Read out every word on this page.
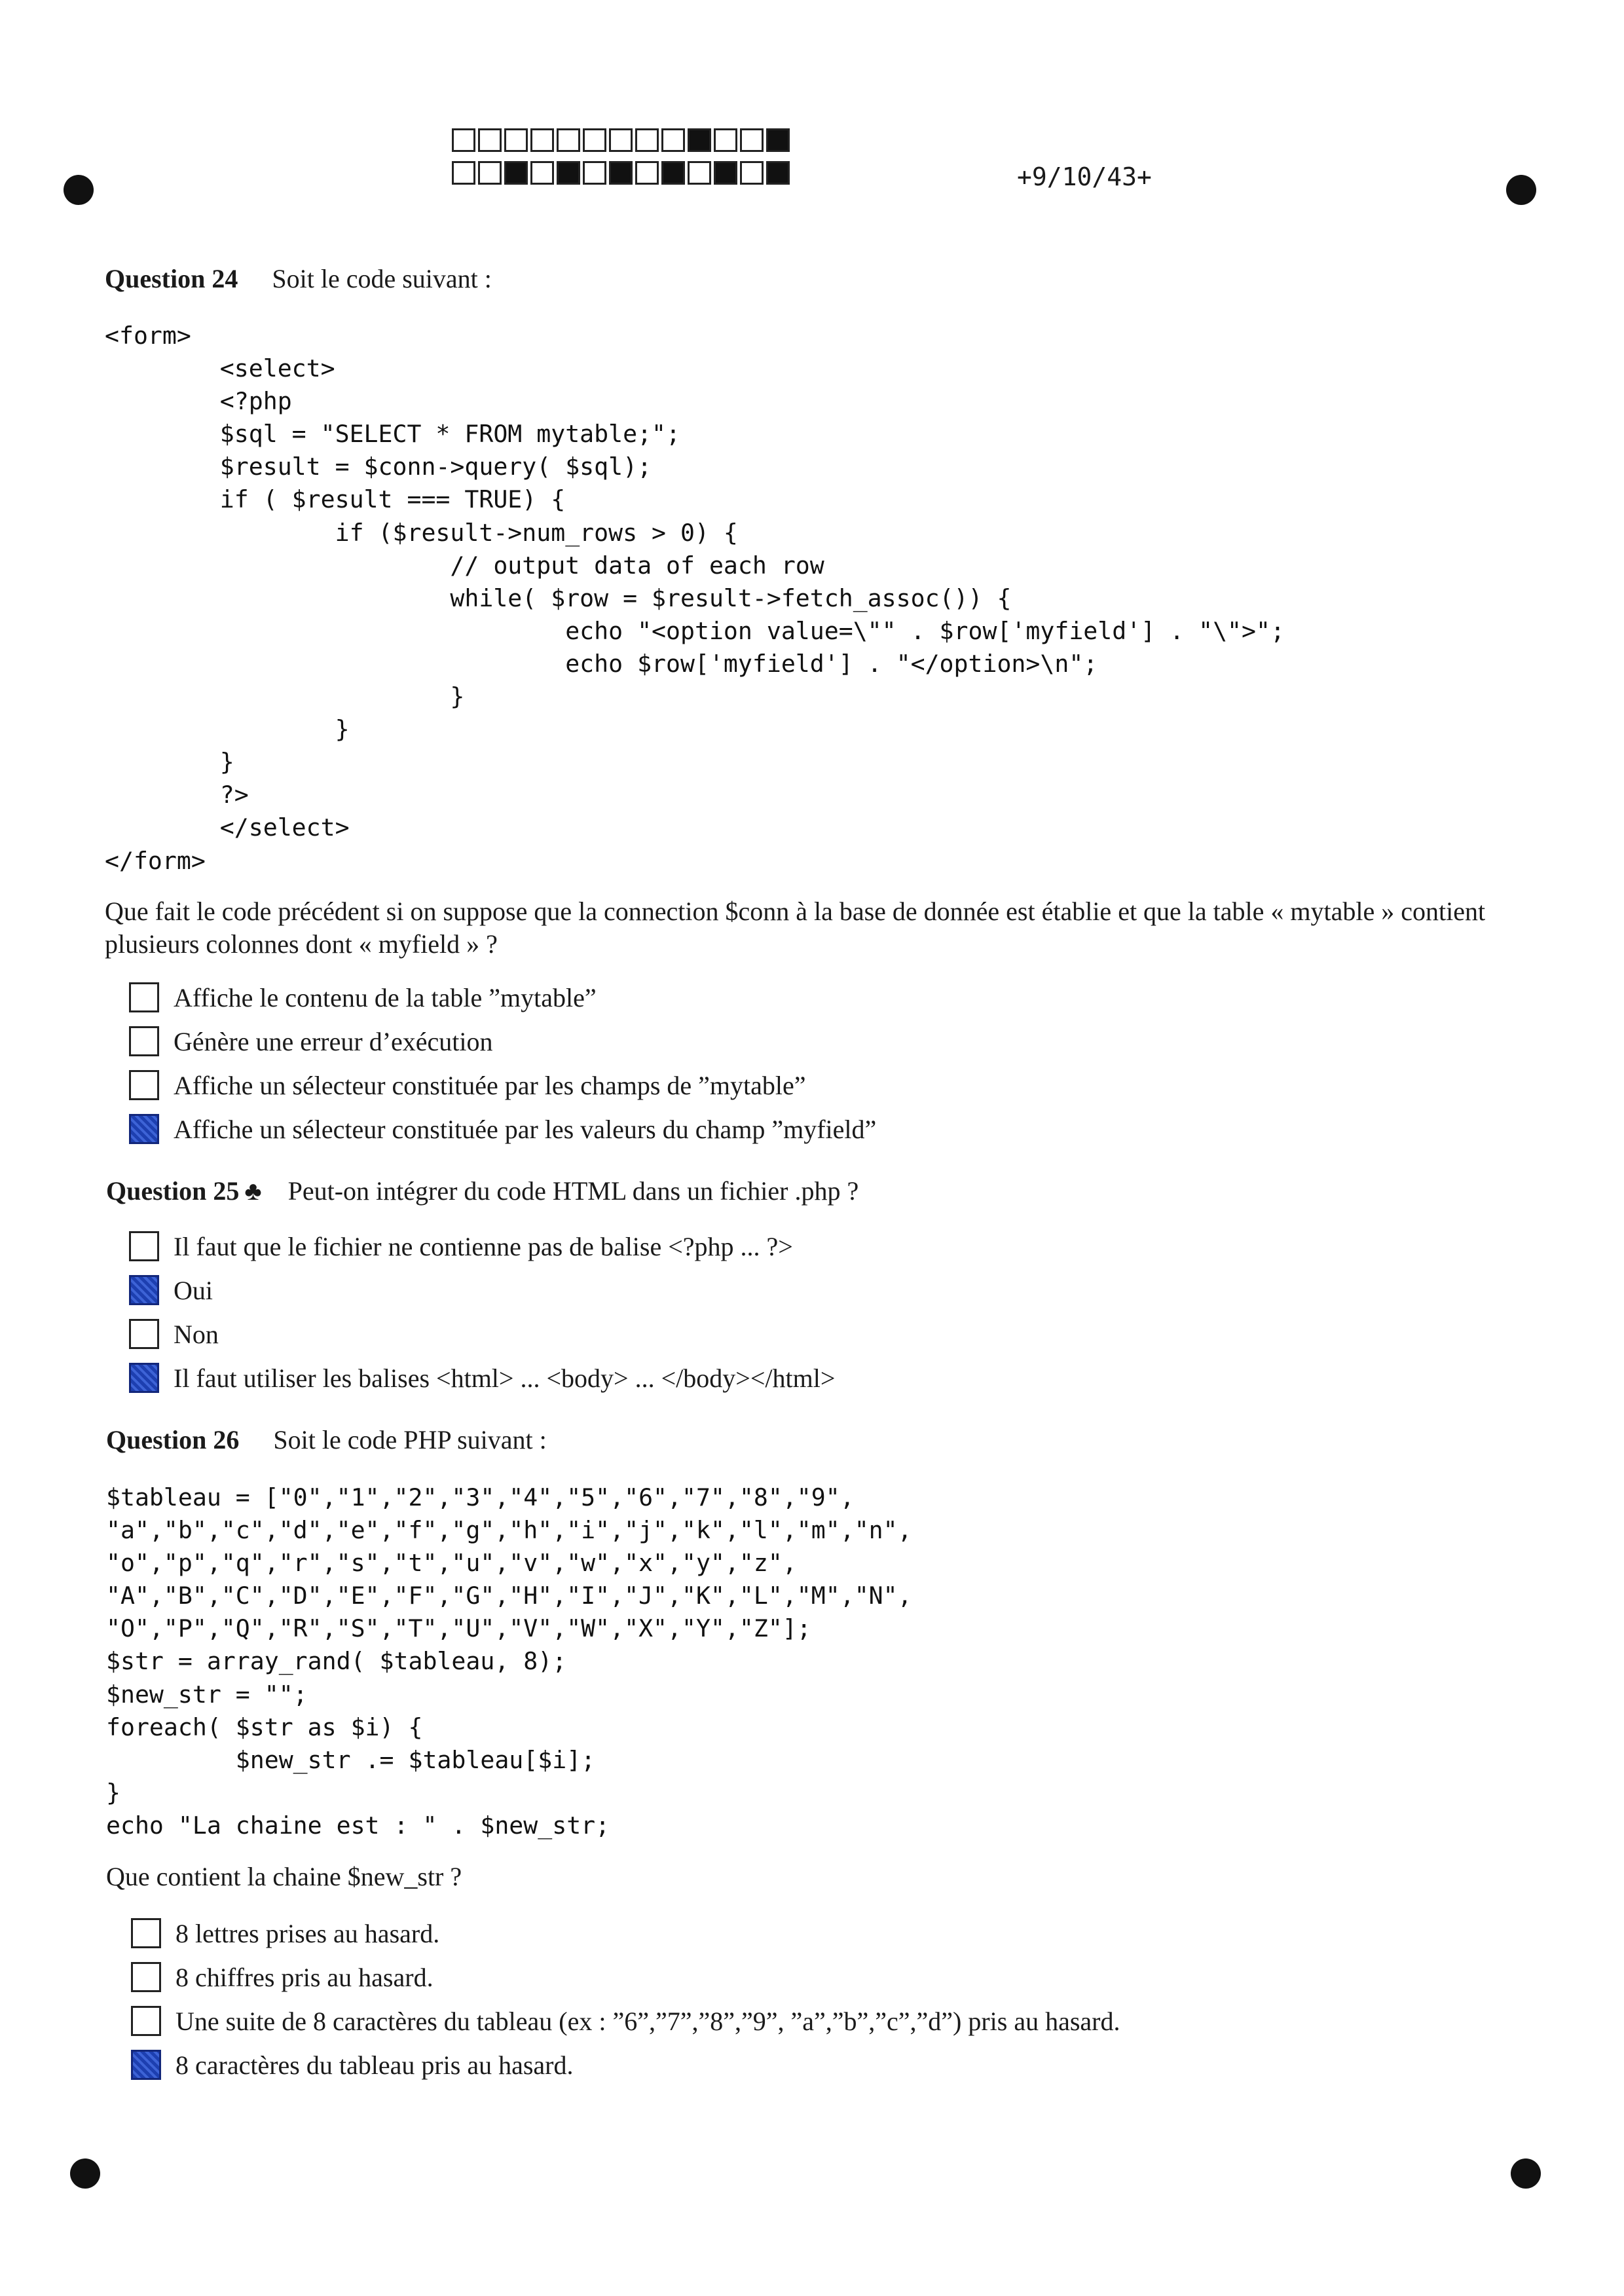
+9/10/43+
Question 24 Soit le code suivant :
<form>
<select>
<?php
$sql = "SELECT * FROM mytable;";
$result = $conn->query( $sql);
if ( $result === TRUE) {
if ($result->num_rows > 0) {
// output data of each row
while( $row = $result->fetch_assoc()) {
echo "<option value=\"" . $row['myfield'] . "\">";
echo $row['myfield'] . "</option>\n";
}
}
}
?>
</select>
</form>

Que fait le code précédent si on suppose que la connection $conn à la base de donnée est établie et que la table « mytable » contient plusieurs colonnes dont « myfield » ?
Affiche le contenu de la table ”mytable”
Génère une erreur d’exécution
Affiche un sélecteur constituée par les champs de ”mytable”
Affiche un sélecteur constituée par les valeurs du champ ”myfield”
Question 25 ♣ Peut-on intégrer du code HTML dans un fichier .php ?
Il faut que le fichier ne contienne pas de balise <?php ... ?>
Oui
Non
Il faut utiliser les balises <html> ... <body> ... </body></html>
Question 26 Soit le code PHP suivant :
$tableau = ["0","1","2","3","4","5","6","7","8","9",
"a","b","c","d","e","f","g","h","i","j","k","l","m","n",
"o","p","q","r","s","t","u","v","w","x","y","z",
"A","B","C","D","E","F","G","H","I","J","K","L","M","N",
"O","P","Q","R","S","T","U","V","W","X","Y","Z"];
$str = array_rand( $tableau, 8);
$new_str = "";
foreach( $str as $i) {
$new_str .= $tableau[$i];
}
echo "La chaine est : " . $new_str;

Que contient la chaine $new_str ?
8 lettres prises au hasard.
8 chiffres pris au hasard.
Une suite de 8 caractères du tableau (ex : ”6”,”7”,”8”,”9”, ”a”,”b”,”c”,”d”) pris au hasard.
8 caractères du tableau pris au hasard.
